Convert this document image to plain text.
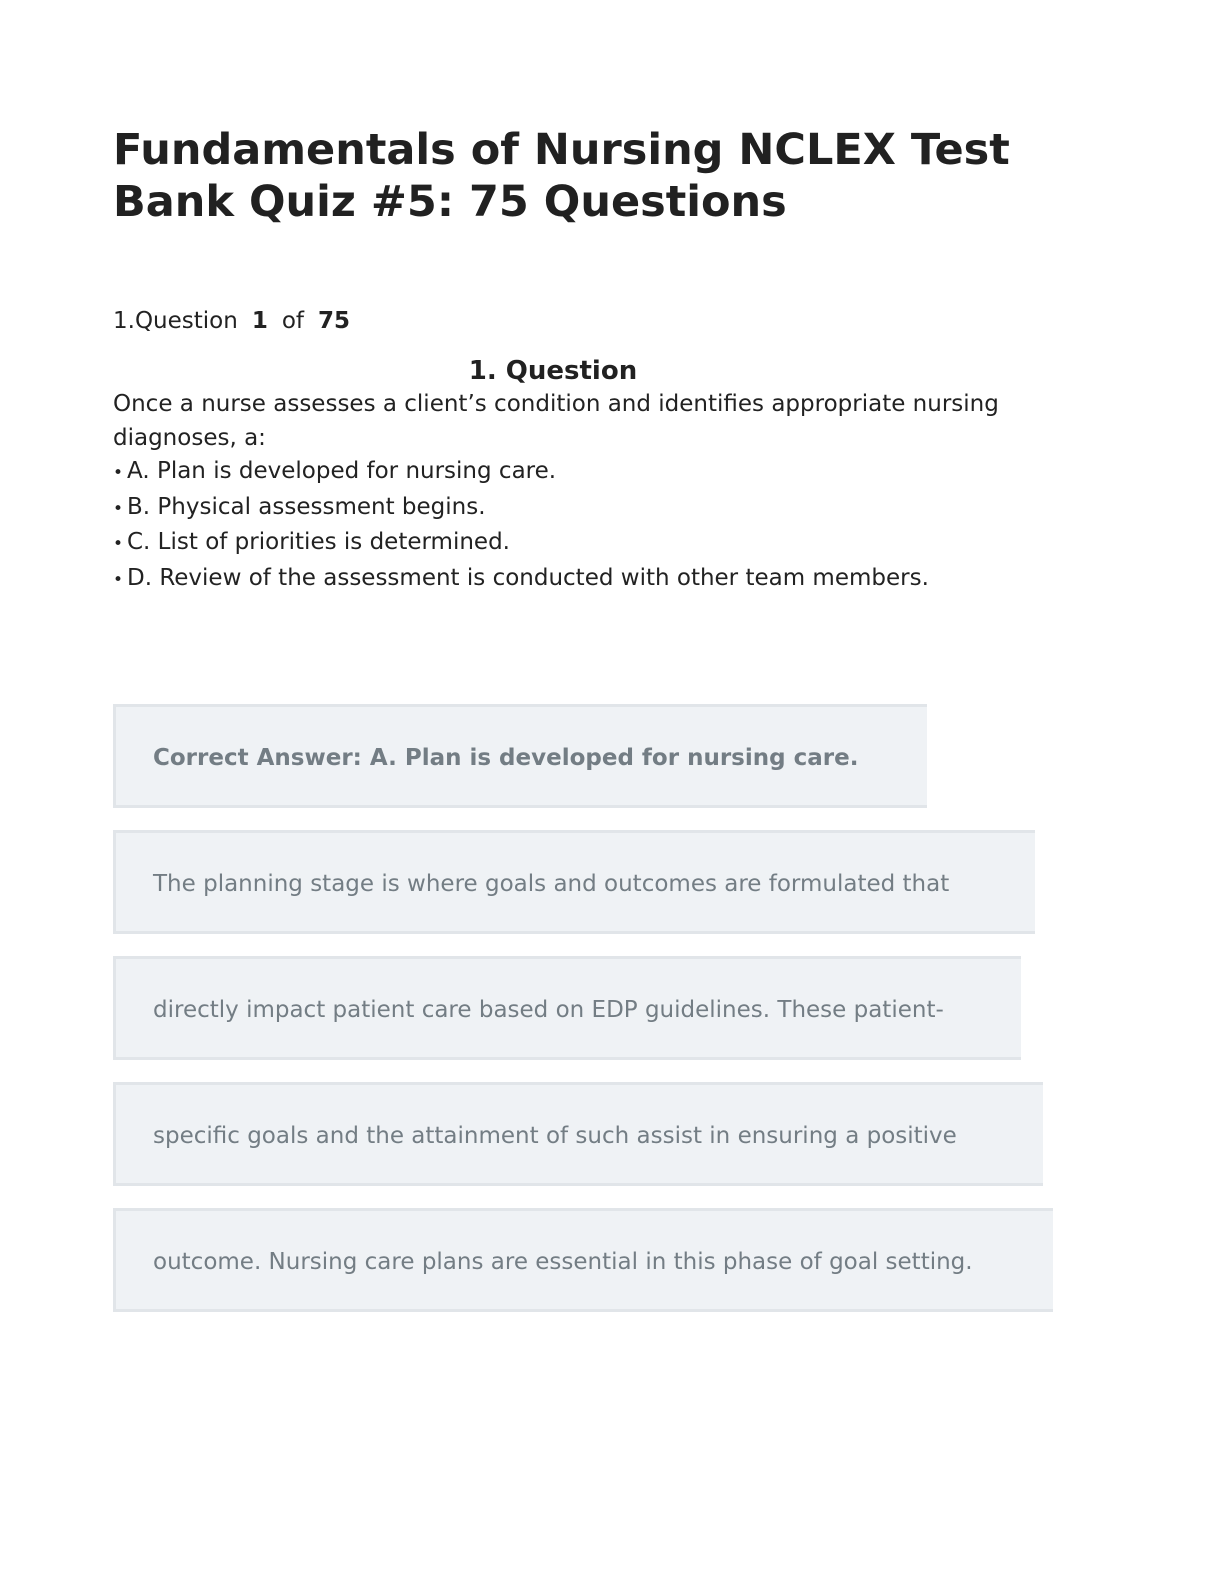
Fundamentals of Nursing NCLEX Test Bank Quiz #5: 75 Questions
1.Question 1 of 75
1. Question

Once a nurse assesses a client’s condition and identifies appropriate nursing diagnoses, a:

• A. Plan is developed for nursing care.
• B. Physical assessment begins.
• C. List of priorities is determined.
• D. Review of the assessment is conducted with other team members.
Correct Answer: A. Plan is developed for nursing care.
The planning stage is where goals and outcomes are formulated that
directly impact patient care based on EDP guidelines. These patient-
specific goals and the attainment of such assist in ensuring a positive
outcome. Nursing care plans are essential in this phase of goal setting.
